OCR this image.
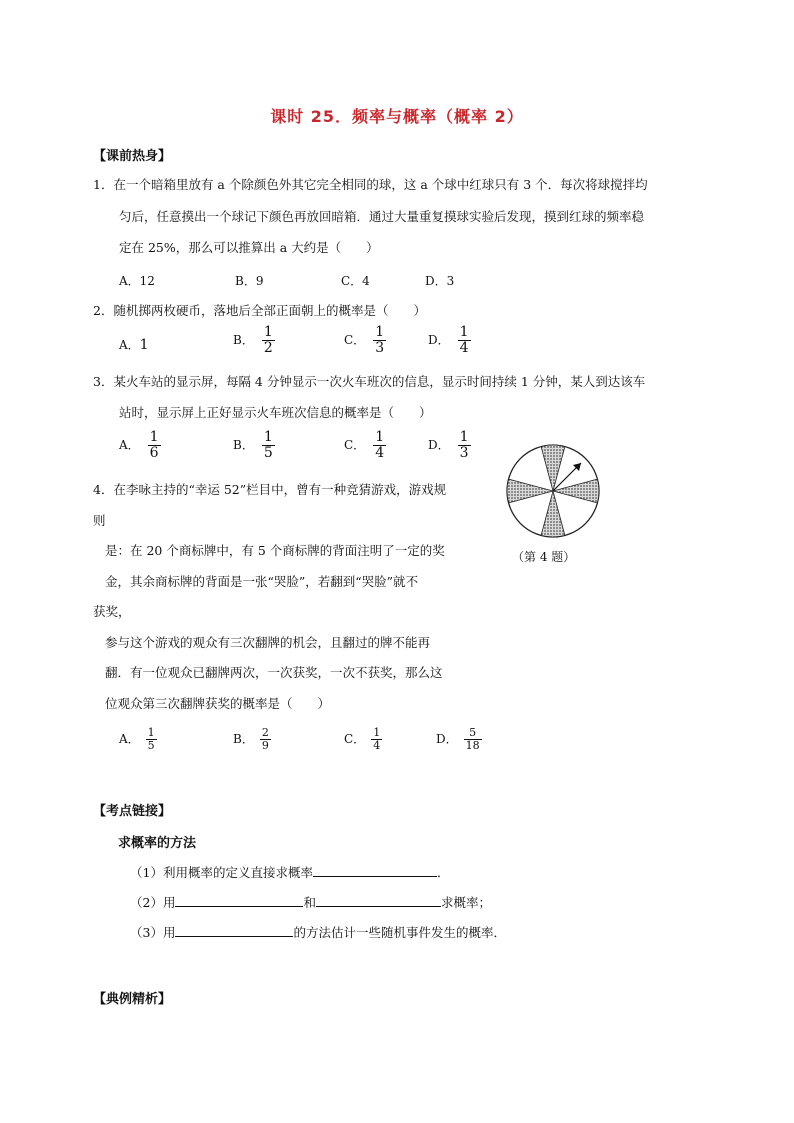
课时 25．频率与概率（概率 2）
【课前热身】
1．在一个暗箱里放有 a 个除颜色外其它完全相同的球，这 a 个球中红球只有 3 个．每次将球搅拌均
匀后，任意摸出一个球记下颜色再放回暗箱．通过大量重复摸球实验后发现，摸到红球的频率稳
定在 25%，那么可以推算出 a 大约是（　　）
A．12	B．9	C．4	D．3
2．随机掷两枚硬币，落地后全部正面朝上的概率是（　　）
A．1	B． $\frac{1}{2}$	C． $\frac{1}{3}$	D． $\frac{1}{4}$
3．某火车站的显示屏，每隔 4 分钟显示一次火车班次的信息，显示时间持续 1 分钟，某人到达该车
站时，显示屏上正好显示火车班次信息的概率是（　　）
A． $\frac{1}{6}$	B． $\frac{1}{5}$	C． $\frac{1}{4}$	D． $\frac{1}{3}$
4．在李咏主持的“幸运 52”栏目中，曾有一种竞猜游戏，游戏规
则
是：在 20 个商标牌中，有 5 个商标牌的背面注明了一定的奖
金，其余商标牌的背面是一张“哭脸”，若翻到“哭脸”就不
获奖，
参与这个游戏的观众有三次翻牌的机会，且翻过的牌不能再
翻．有一位观众已翻牌两次，一次获奖，一次不获奖，那么这
位观众第三次翻牌获奖的概率是（　　）
（第 4 题）
A． $\frac{1}{5}$	B． $\frac{2}{9}$	C． $\frac{1}{4}$	D． $\frac{5}{18}$
【考点链接】
求概率的方法
（1）利用概率的定义直接求概率	．
（2）用	和	求概率；
（3）用	的方法估计一些随机事件发生的概率．
【典例精析】
